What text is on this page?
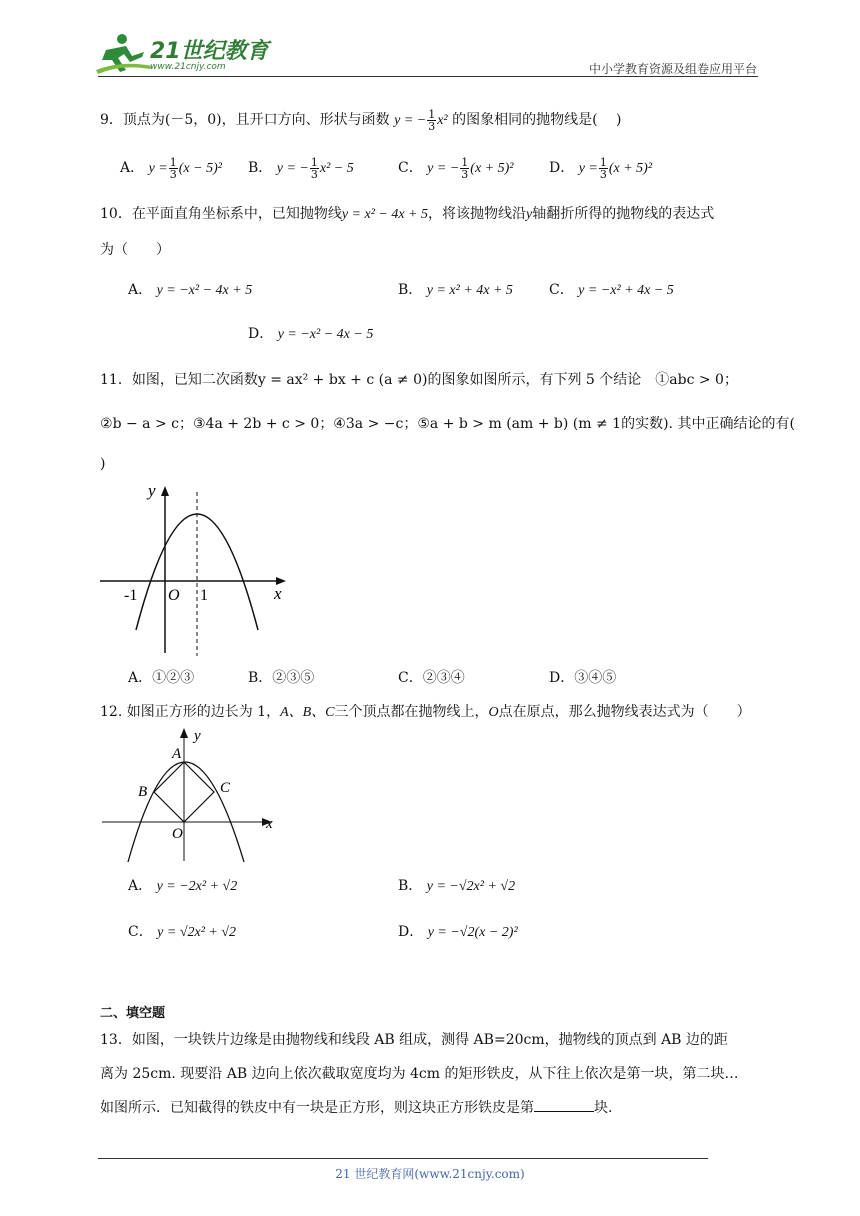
21世纪教育
www.21cnjy.com	中小学教育资源及组卷应用平台
9．顶点为(－5，0)，且开口方向、形状与函数 y = − $\frac{1}{3} x^2$ 的图象相同的抛物线是(　 )
A． $y = \frac{1}{3} (x - 5)^2$ B． y = − $\frac{1}{3} x^2 - 5$	C． y = − $\frac{1}{3} (x + 5)^2$	D． $y = \frac{1}{3} (x + 5)^2$
10．在平面直角坐标系中，已知抛物线y = x² − 4x + 5，将该抛物线沿y轴翻折所得的抛物线的表达式
为（　　）
A． y = −x² − 4x + 5	B． y = x² + 4x + 5	C． y = −x² + 4x − 5
D． y = −x² − 4x − 5
11．如图，已知二次函数y = ax² + bx + c (a ≠ 0)的图象如图所示，有下列 5 个结论　①abc > 0；
②b − a > c；③4a + 2b + c > 0；④3a > −c；⑤a + b > m (am + b) (m ≠ 1的实数). 其中正确结论的有(
)
y
x
O
-1	1
A．①②③	B．②③⑤	C．②③④	D．③④⑤
12. 如图正方形的边长为 1，A、B、C三个顶点都在抛物线上，O点在原点，那么抛物线表达式为（　　）
A
B	C
O
y
x
A． y = −2x² + √2	B． y = −√2x² + √2
C． y = √2x² + √2	D． y = −√2(x − 2)²
二、填空题
13．如图，一块铁片边缘是由抛物线和线段 AB 组成，测得 AB=20cm，抛物线的顶点到 AB 边的距
离为 25cm. 现要沿 AB 边向上依次截取宽度均为 4cm 的矩形铁皮，从下往上依次是第一块，第二块…
如图所示．已知截得的铁皮中有一块是正方形，则这块正方形铁皮是第	块.
21 世纪教育网(www.21cnjy.com)
